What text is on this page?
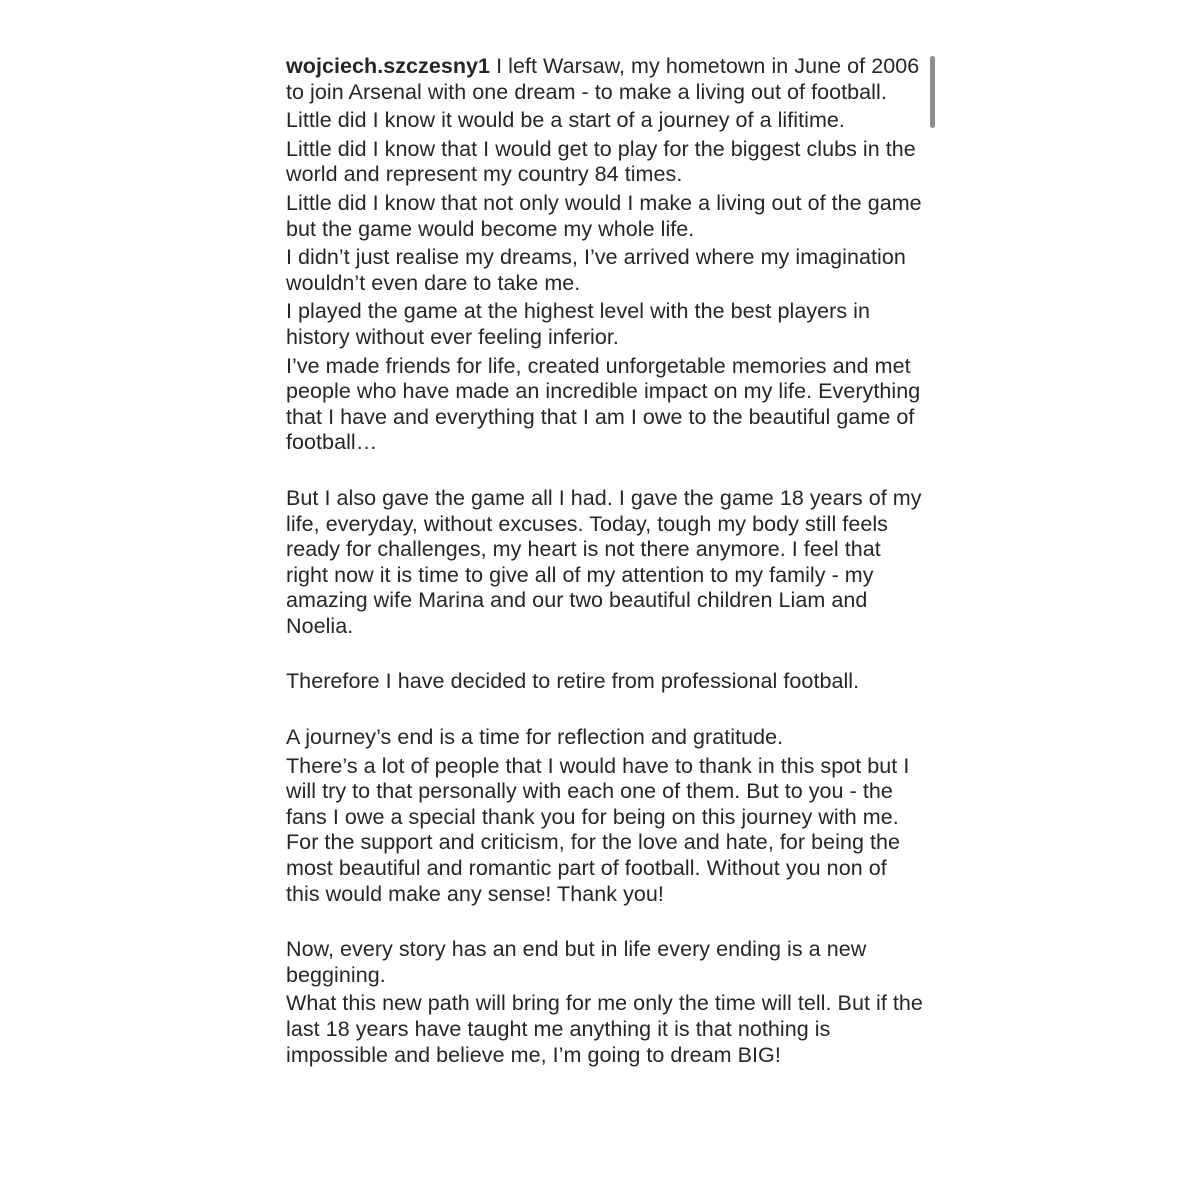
wojciech.szczesny1 I left Warsaw, my hometown in June of 2006 to join Arsenal with one dream - to make a living out of football.
Little did I know it would be a start of a journey of a lifitime.
Little did I know that I would get to play for the biggest clubs in the world and represent my country 84 times.
Little did I know that not only would I make a living out of the game but the game would become my whole life.
I didn’t just realise my dreams, I’ve arrived where my imagination wouldn’t even dare to take me.
I played the game at the highest level with the best players in history without ever feeling inferior.
I’ve made friends for life, created unforgetable memories and met people who have made an incredible impact on my life. Everything that I have and everything that I am I owe to the beautiful game of football…
But I also gave the game all I had. I gave the game 18 years of my life, everyday, without excuses. Today, tough my body still feels ready for challenges, my heart is not there anymore. I feel that right now it is time to give all of my attention to my family - my amazing wife Marina and our two beautiful children Liam and Noelia.
Therefore I have decided to retire from professional football.
A journey’s end is a time for reflection and gratitude.
There’s a lot of people that I would have to thank in this spot but I will try to that personally with each one of them. But to you - the fans I owe a special thank you for being on this journey with me. For the support and criticism, for the love and hate, for being the most beautiful and romantic part of football. Without you non of this would make any sense! Thank you!
Now, every story has an end but in life every ending is a new beggining.
What this new path will bring for me only the time will tell. But if the last 18 years have taught me anything it is that nothing is impossible and believe me, I’m going to dream BIG!
